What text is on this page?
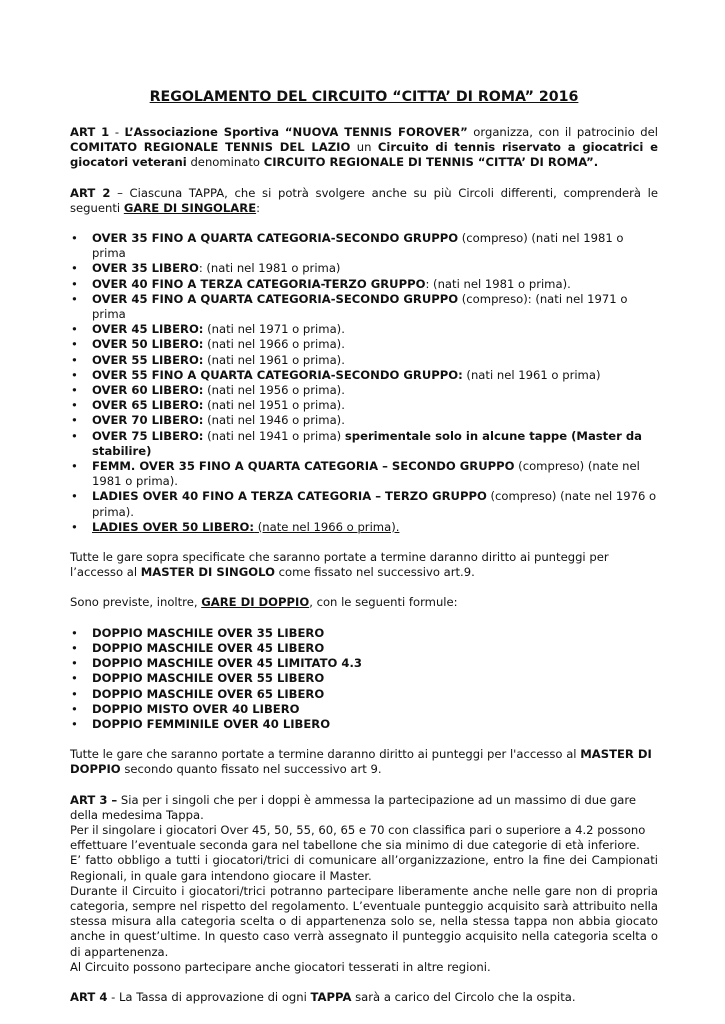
REGOLAMENTO DEL CIRCUITO “CITTA’ DI ROMA” 2016

ART 1 - L’Associazione Sportiva “NUOVA TENNIS FOROVER” organizza, con il patrocinio del COMITATO REGIONALE TENNIS DEL LAZIO un Circuito di tennis riservato a giocatrici e giocatori veterani denominato CIRCUITO REGIONALE DI TENNIS “CITTA’ DI ROMA”.

ART 2 – Ciascuna TAPPA, che si potrà svolgere anche su più Circoli differenti, comprenderà le seguenti GARE DI SINGOLARE:

• OVER 35 FINO A QUARTA CATEGORIA-SECONDO GRUPPO (compreso) (nati nel 1981 o prima
• OVER 35 LIBERO: (nati nel 1981 o prima)
• OVER 40 FINO A TERZA CATEGORIA-TERZO GRUPPO: (nati nel 1981 o prima).
• OVER 45 FINO A QUARTA CATEGORIA-SECONDO GRUPPO (compreso): (nati nel 1971 o prima
• OVER 45 LIBERO: (nati nel 1971 o prima).
• OVER 50 LIBERO: (nati nel 1966 o prima).
• OVER 55 LIBERO: (nati nel 1961 o prima).
• OVER 55 FINO A QUARTA CATEGORIA-SECONDO GRUPPO: (nati nel 1961 o prima)
• OVER 60 LIBERO: (nati nel 1956 o prima).
• OVER 65 LIBERO: (nati nel 1951 o prima).
• OVER 70 LIBERO: (nati nel 1946 o prima).
• OVER 75 LIBERO: (nati nel 1941 o prima) sperimentale solo in alcune tappe (Master da stabilire)
• FEMM. OVER 35 FINO A QUARTA CATEGORIA – SECONDO GRUPPO (compreso) (nate nel 1981 o prima).
• LADIES OVER 40 FINO A TERZA CATEGORIA – TERZO GRUPPO (compreso) (nate nel 1976 o prima).
• LADIES OVER 50 LIBERO: (nate nel 1966 o prima).

Tutte le gare sopra specificate che saranno portate a termine daranno diritto ai punteggi per l’accesso al MASTER DI SINGOLO come fissato nel successivo art.9.

Sono previste, inoltre, GARE DI DOPPIO, con le seguenti formule:

• DOPPIO MASCHILE OVER 35 LIBERO
• DOPPIO MASCHILE OVER 45 LIBERO
• DOPPIO MASCHILE OVER 45 LIMITATO 4.3
• DOPPIO MASCHILE OVER 55 LIBERO
• DOPPIO MASCHILE OVER 65 LIBERO
• DOPPIO MISTO OVER 40 LIBERO
• DOPPIO FEMMINILE OVER 40 LIBERO

Tutte le gare che saranno portate a termine daranno diritto ai punteggi per l'accesso al MASTER DI DOPPIO secondo quanto fissato nel successivo art 9.

ART 3 – Sia per i singoli che per i doppi è ammessa la partecipazione ad un massimo di due gare della medesima Tappa.

Per il singolare i giocatori Over 45, 50, 55, 60, 65 e 70 con classifica pari o superiore a 4.2 possono effettuare l’eventuale seconda gara nel tabellone che sia minimo di due categorie di età inferiore.

E’ fatto obbligo a tutti i giocatori/trici di comunicare all’organizzazione, entro la fine dei Campionati Regionali, in quale gara intendono giocare il Master.

Durante il Circuito i giocatori/trici potranno partecipare liberamente anche nelle gare non di propria categoria, sempre nel rispetto del regolamento. L’eventuale punteggio acquisito sarà attribuito nella stessa misura alla categoria scelta o di appartenenza solo se, nella stessa tappa non abbia giocato anche in quest’ultime. In questo caso verrà assegnato il punteggio acquisito nella categoria scelta o di appartenenza.

Al Circuito possono partecipare anche giocatori tesserati in altre regioni.

ART 4 - La Tassa di approvazione di ogni TAPPA sarà a carico del Circolo che la ospita.
